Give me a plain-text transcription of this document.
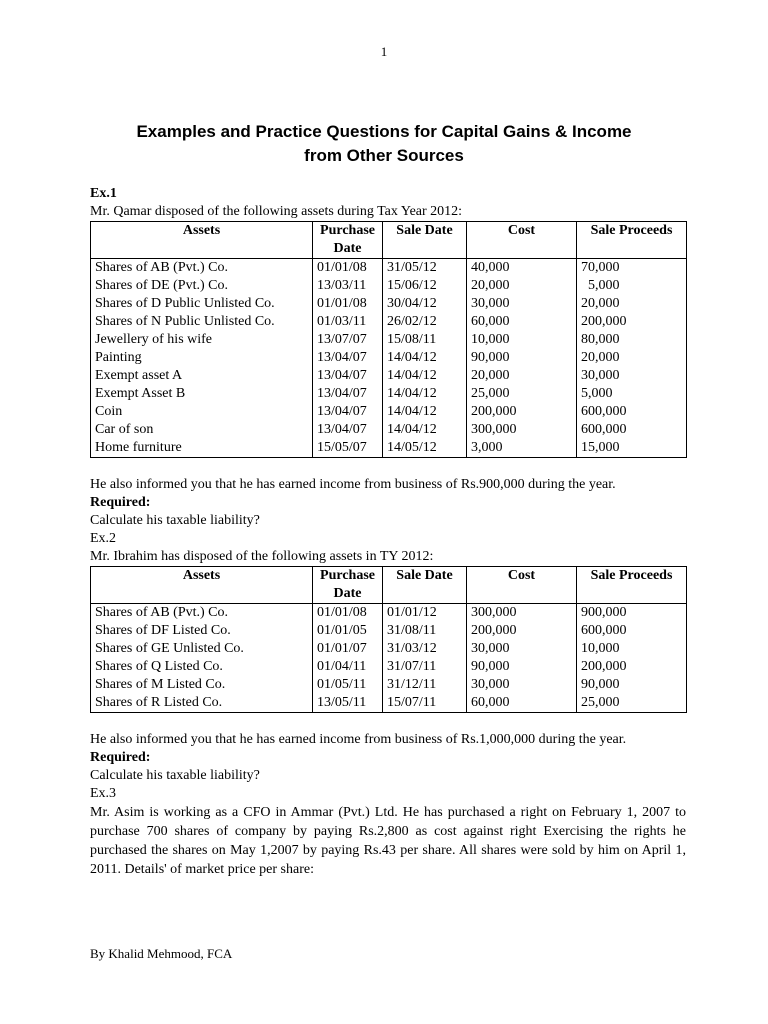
1
Examples and Practice Questions for Capital Gains & Income
from Other Sources

Ex.1

Mr. Qamar disposed of the following assets during Tax Year 2012:

Assets	Purchase Date	Sale Date	Cost	Sale Proceeds
Shares of AB (Pvt.) Co.	01/01/08	31/05/12	40,000	70,000
Shares of DE (Pvt.) Co.	13/03/11	15/06/12	20,000	5,000
Shares of D Public Unlisted Co.	01/01/08	30/04/12	30,000	20,000
Shares of N Public Unlisted Co.	01/03/11	26/02/12	60,000	200,000
Jewellery of his wife	13/07/07	15/08/11	10,000	80,000
Painting	13/04/07	14/04/12	90,000	20,000
Exempt asset A	13/04/07	14/04/12	20,000	30,000
Exempt Asset B	13/04/07	14/04/12	25,000	5,000
Coin	13/04/07	14/04/12	200,000	600,000
Car of son	13/04/07	14/04/12	300,000	600,000
Home furniture	15/05/07	14/05/12	3,000	15,000

He also informed you that he has earned income from business of Rs.900,000 during the year.

Required:

Calculate his taxable liability?

Ex.2

Mr. Ibrahim has disposed of the following assets in TY 2012:

Assets	Purchase Date	Sale Date	Cost	Sale Proceeds
Shares of AB (Pvt.) Co.	01/01/08	01/01/12	300,000	900,000
Shares of DF Listed Co.	01/01/05	31/08/11	200,000	600,000
Shares of GE Unlisted Co.	01/01/07	31/03/12	30,000	10,000
Shares of Q Listed Co.	01/04/11	31/07/11	90,000	200,000
Shares of M Listed Co.	01/05/11	31/12/11	30,000	90,000
Shares of R Listed Co.	13/05/11	15/07/11	60,000	25,000

He also informed you that he has earned income from business of Rs.1,000,000 during the year.

Required:

Calculate his taxable liability?

Ex.3

Mr. Asim is working as a CFO in Ammar (Pvt.) Ltd. He has purchased a right on February 1, 2007 to purchase 700 shares of company by paying Rs.2,800 as cost against right Exercising the rights he purchased the shares on May 1,2007 by paying Rs.43 per share. All shares were sold by him on April 1, 2011. Details' of market price per share:

By Khalid Mehmood, FCA
